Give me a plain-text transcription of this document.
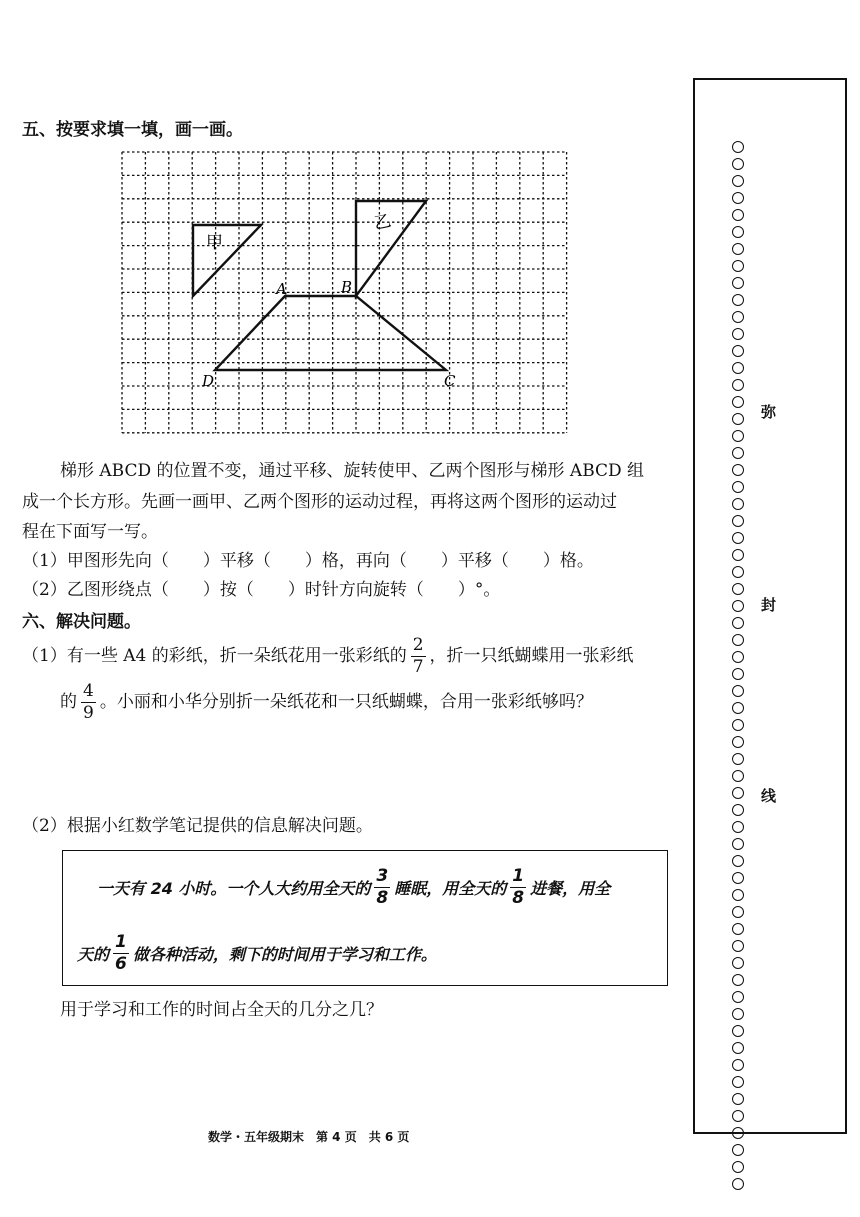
五、按要求填一填，画一画。
甲
乙
A	B
C
D
梯形 ABCD 的位置不变，通过平移、旋转使甲、乙两个图形与梯形 ABCD 组
成一个长方形。先画一画甲、乙两个图形的运动过程，再将这两个图形的运动过
程在下面写一写。
（1）甲图形先向（　　）平移（　　）格，再向（　　）平移（　　）格。
（2）乙图形绕点（　　）按（　　）时针方向旋转（　　）°。
六、解决问题。
（1）有一些 A4 的彩纸，折一朵纸花用一张彩纸的 $\frac{2}{7}$ ，折一只纸蝴蝶用一张彩纸
的 $\frac{4}{9}$ 。小丽和小华分别折一朵纸花和一只纸蝴蝶，合用一张彩纸够吗？
（2）根据小红数学笔记提供的信息解决问题。
一天有 24 小时。一个人大约用全天的 $\frac{3}{8}$ 睡眠，用全天的 $\frac{1}{8}$ 进餐，用全
天的 $\frac{1}{6}$ 做各种活动，剩下的时间用于学习和工作。
用于学习和工作的时间占全天的几分之几？
数学・五年级期末　第 4 页　共 6 页
弥
封
线
